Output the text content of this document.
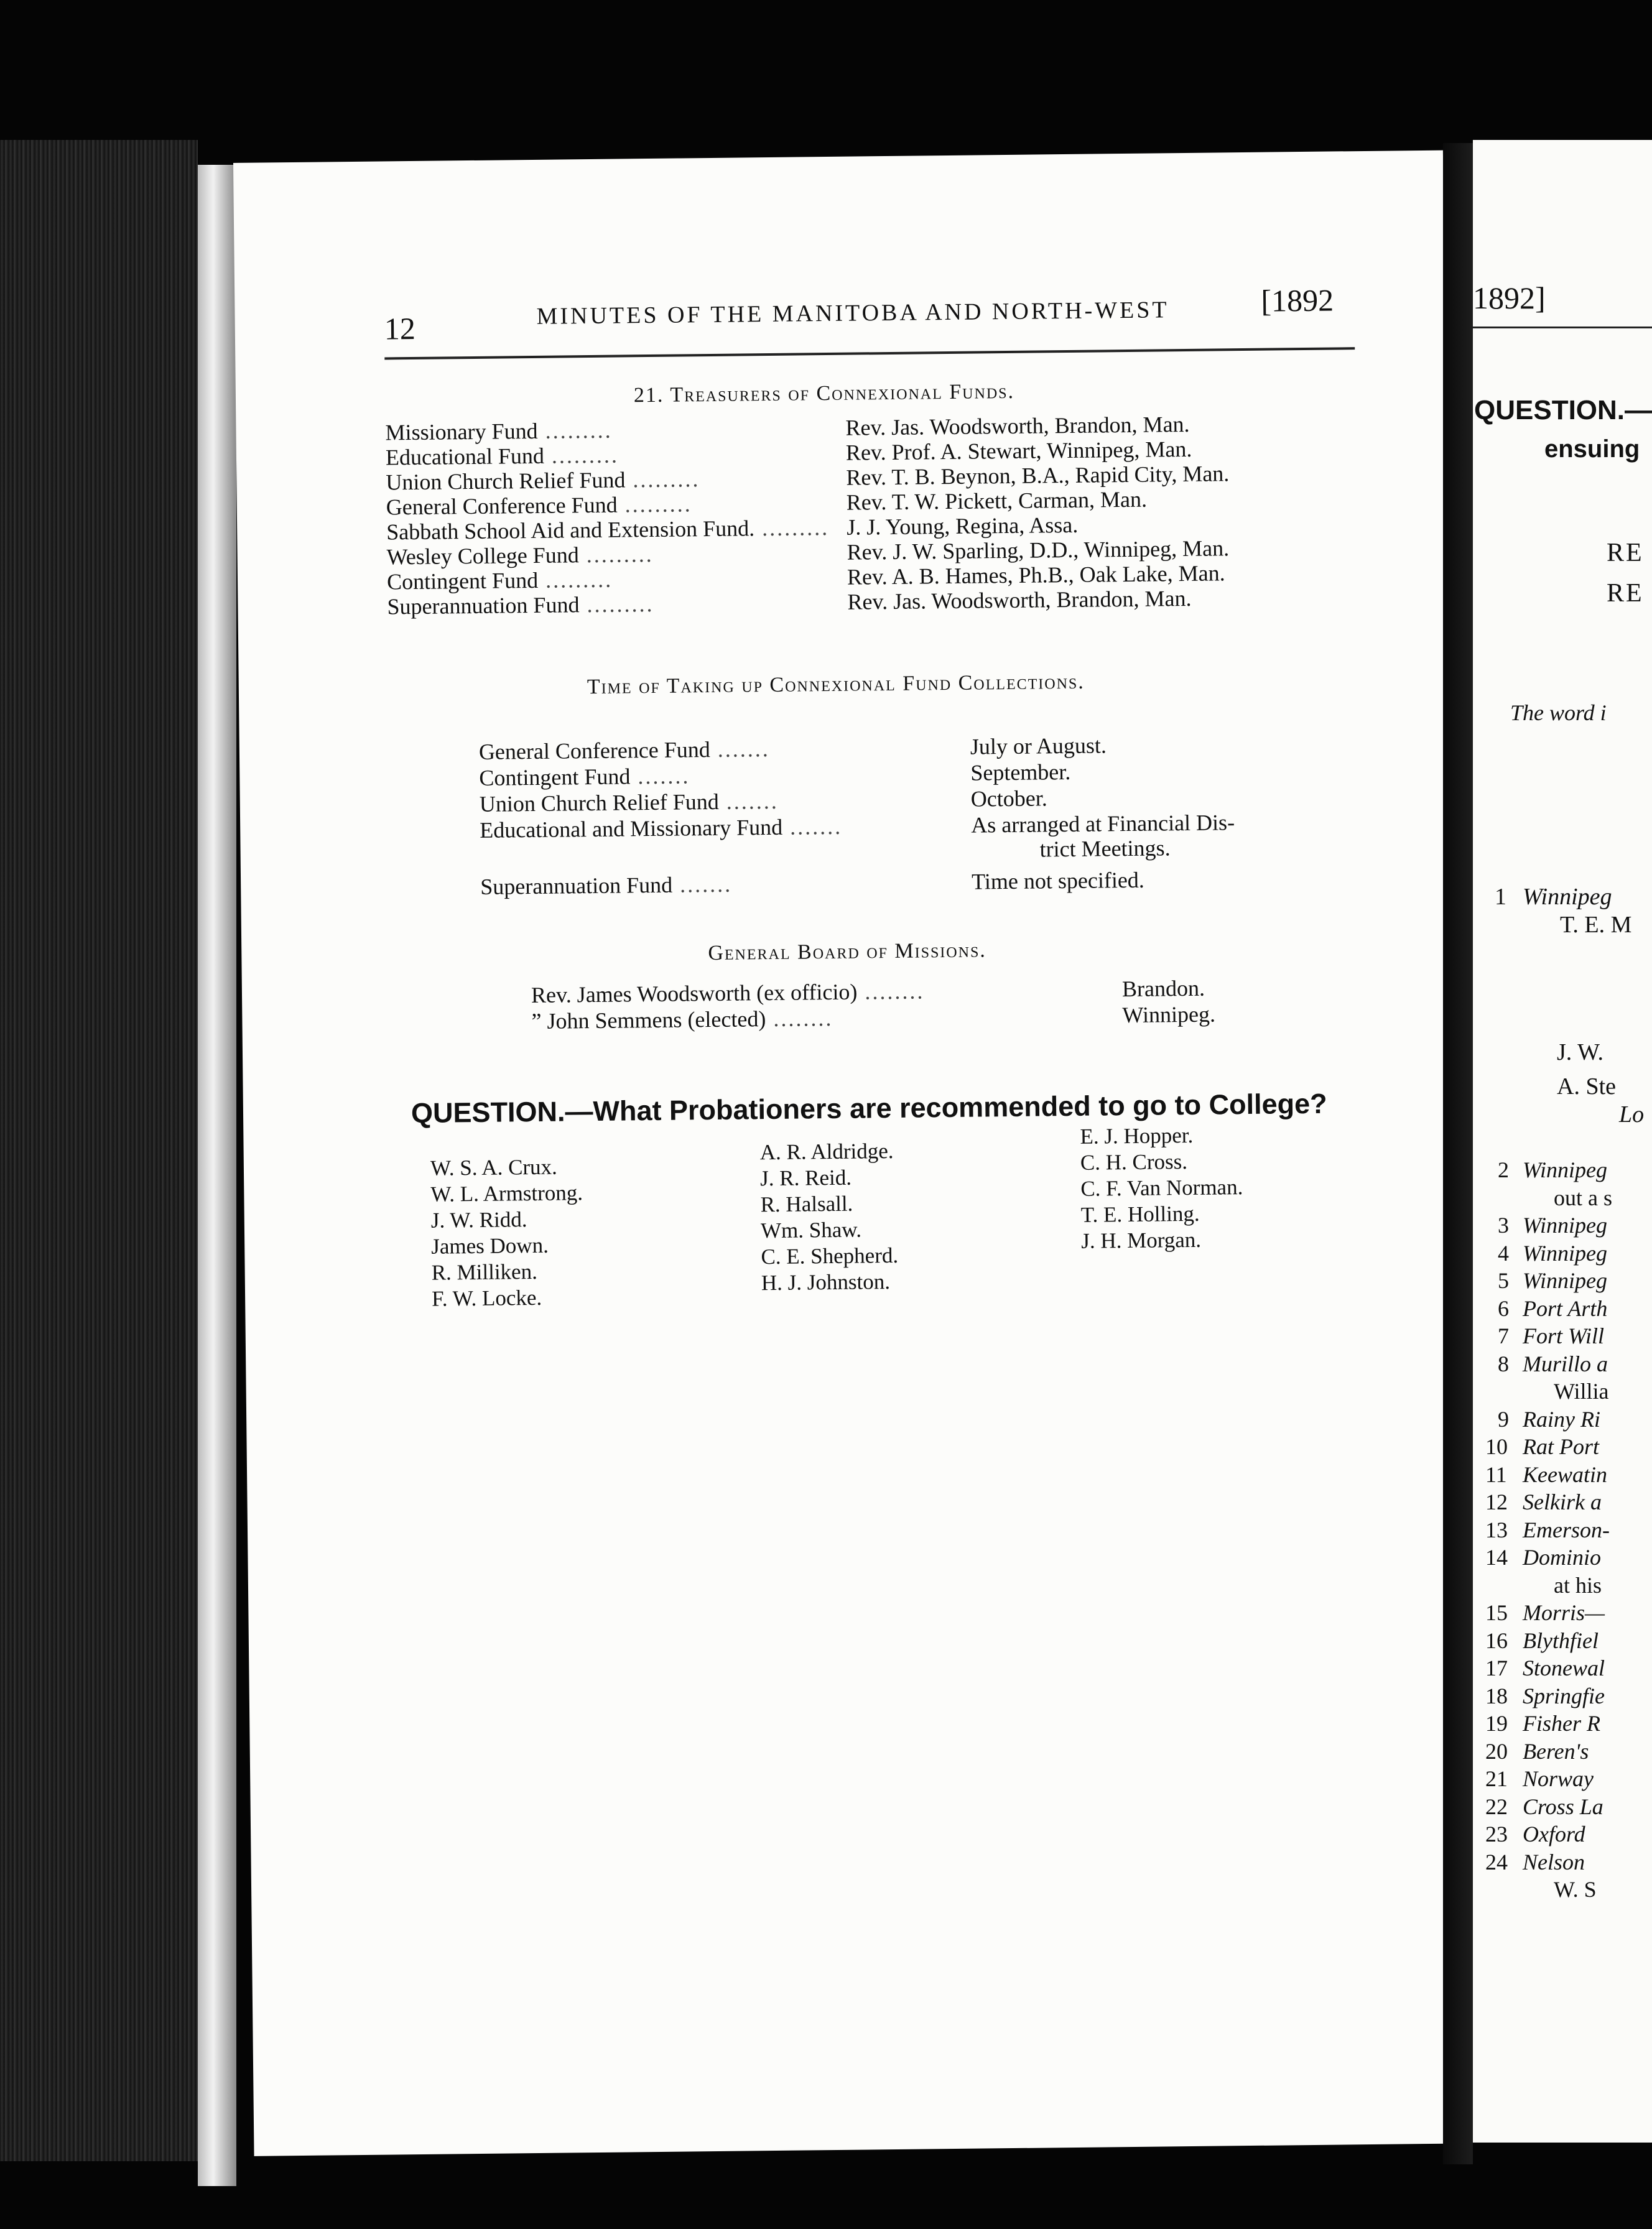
12	MINUTES OF THE MANITOBA AND NORTH-WEST	[1892
21. Treasurers of Connexional Funds.
Missionary Fund .........	Rev. Jas. Woodsworth, Brandon, Man.
Educational Fund .........	Rev. Prof. A. Stewart, Winnipeg, Man.
Union Church Relief Fund .........	Rev. T. B. Beynon, B.A., Rapid City, Man.
General Conference Fund .........	Rev. T. W. Pickett, Carman, Man.
Sabbath School Aid and Extension Fund. ......... J. J. Young, Regina, Assa.
Wesley College Fund .........	Rev. J. W. Sparling, D.D., Winnipeg, Man.
Contingent Fund .........	Rev. A. B. Hames, Ph.B., Oak Lake, Man.
Superannuation Fund .........	Rev. Jas. Woodsworth, Brandon, Man.
Time of Taking up Connexional Fund Collections.
General Conference Fund .......	July or August.
Contingent Fund .......	September.
Union Church Relief Fund .......	October.
Educational and Missionary Fund .......	As arranged at Financial Dis-
trict Meetings.
Superannuation Fund .......	Time not specified.
General Board of Missions.
Rev. James Woodsworth (ex officio) ........	Brandon.
” John Semmens (elected) ........	Winnipeg.
QUESTION.—What Probationers are recommended to go to College?
W. S. A. Crux.
W. L. Armstrong.
J. W. Ridd.
James Down.
R. Milliken.
F. W. Locke.
A. R. Aldridge.
J. R. Reid.
R. Halsall.
Wm. Shaw.
C. E. Shepherd.
H. J. Johnston.
E. J. Hopper.
C. H. Cross.
C. F. Van Norman.
T. E. Holling.
J. H. Morgan.
1892]
QUESTION.—
ensuing
RE
RE
The word i
1 Winnipeg
T. E. M
J. W.
A. Ste
Lo
2 Winnipeg
out a s
3 Winnipeg
4 Winnipeg
5 Winnipeg
6 Port Arth
7 Fort Will
8 Murillo a
Willia
9 Rainy Ri
10 Rat Port
11 Keewatin
12 Selkirk a
13 Emerson-
14 Dominio
at his
15 Morris—
16 Blythfiel
17 Stonewal
18 Springfie
19 Fisher R
20 Beren's
21 Norway
22 Cross La
23 Oxford
24 Nelson
W. S
